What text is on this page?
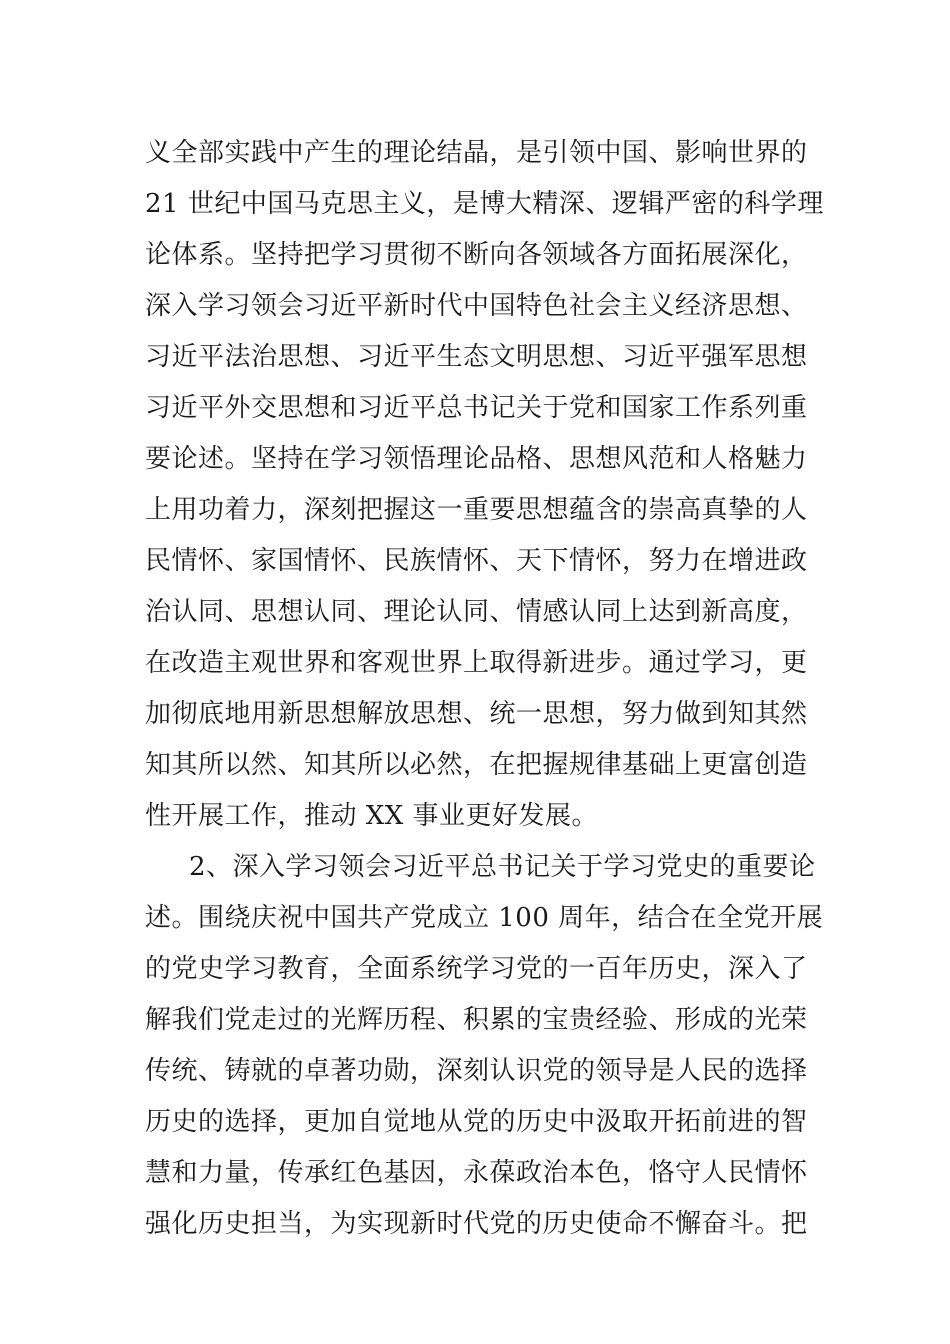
义全部实践中产生的理论结晶，是引领中国、影响世界的
21 世纪中国马克思主义，是博大精深、逻辑严密的科学理
论体系。坚持把学习贯彻不断向各领域各方面拓展深化，
深入学习领会习近平新时代中国特色社会主义经济思想、
习近平法治思想、习近平生态文明思想、习近平强军思想
习近平外交思想和习近平总书记关于党和国家工作系列重
要论述。坚持在学习领悟理论品格、思想风范和人格魅力
上用功着力，深刻把握这一重要思想蕴含的崇高真挚的人
民情怀、家国情怀、民族情怀、天下情怀，努力在增进政
治认同、思想认同、理论认同、情感认同上达到新高度，
在改造主观世界和客观世界上取得新进步。通过学习，更
加彻底地用新思想解放思想、统一思想，努力做到知其然
知其所以然、知其所以必然，在把握规律基础上更富创造
性开展工作，推动 XX 事业更好发展。
2、深入学习领会习近平总书记关于学习党史的重要论
述。围绕庆祝中国共产党成立 100 周年，结合在全党开展
的党史学习教育，全面系统学习党的一百年历史，深入了
解我们党走过的光辉历程、积累的宝贵经验、形成的光荣
传统、铸就的卓著功勋，深刻认识党的领导是人民的选择
历史的选择，更加自觉地从党的历史中汲取开拓前进的智
慧和力量，传承红色基因，永葆政治本色，恪守人民情怀
强化历史担当，为实现新时代党的历史使命不懈奋斗。把
